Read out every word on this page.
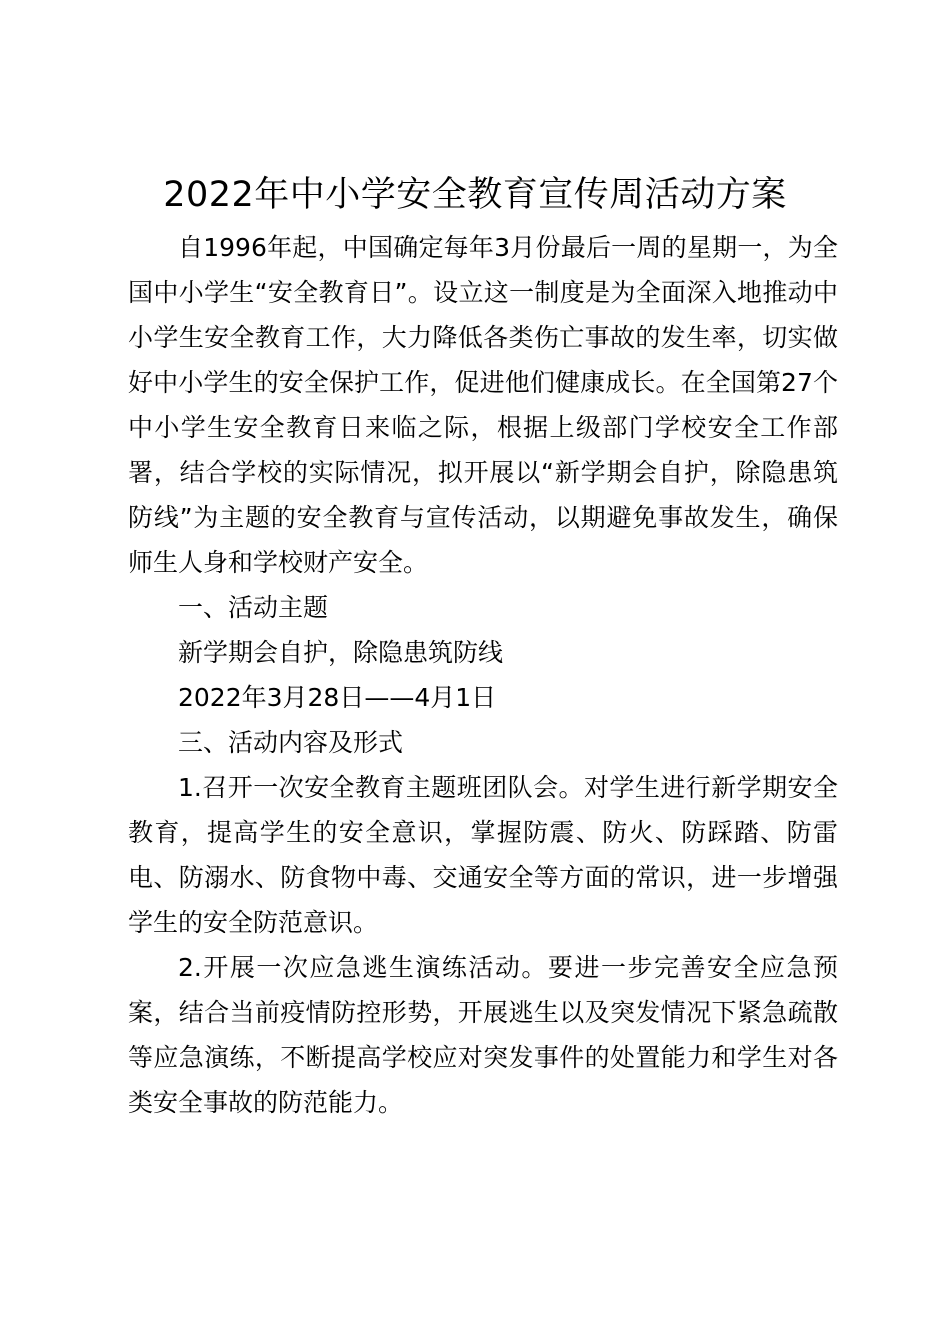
2022年中小学安全教育宣传周活动方案

自1996年起，中国确定每年3月份最后一周的星期一，为全国中小学生“安全教育日”。设立这一制度是为全面深入地推动中小学生安全教育工作，大力降低各类伤亡事故的发生率，切实做好中小学生的安全保护工作，促进他们健康成长。在全国第27个中小学生安全教育日来临之际，根据上级部门学校安全工作部署，结合学校的实际情况，拟开展以“新学期会自护，除隐患筑防线”为主题的安全教育与宣传活动，以期避免事故发生，确保师生人身和学校财产安全。

一、活动主题

新学期会自护，除隐患筑防线

2022年3月28日——4月1日

三、活动内容及形式

1.召开一次安全教育主题班团队会。对学生进行新学期安全教育，提高学生的安全意识，掌握防震、防火、防踩踏、防雷电、防溺水、防食物中毒、交通安全等方面的常识，进一步增强学生的安全防范意识。

2.开展一次应急逃生演练活动。要进一步完善安全应急预案，结合当前疫情防控形势，开展逃生以及突发情况下紧急疏散等应急演练，不断提高学校应对突发事件的处置能力和学生对各类安全事故的防范能力。
